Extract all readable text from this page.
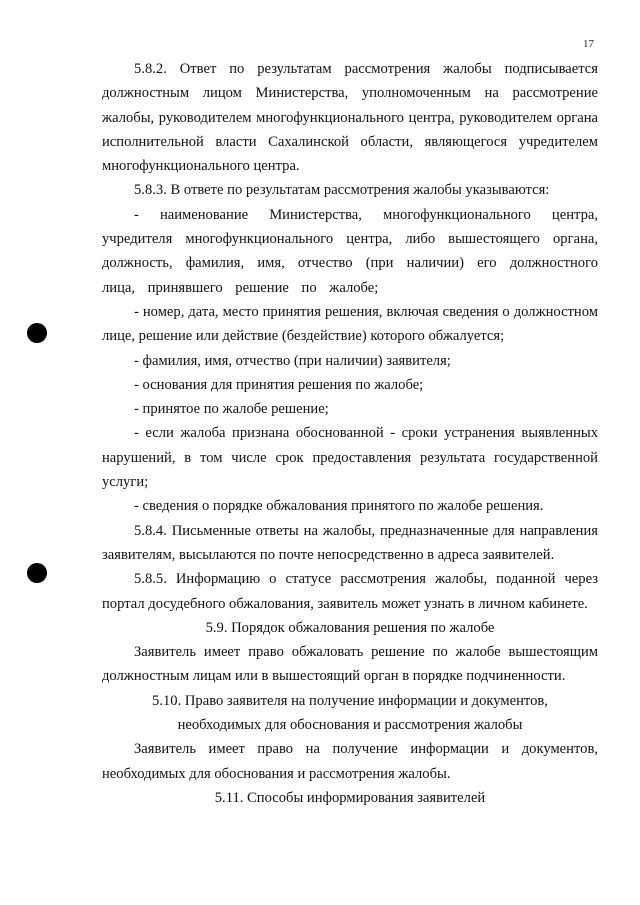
17

5.8.2. Ответ по результатам рассмотрения жалобы подписывается должностным лицом Министерства, уполномоченным на рассмотрение жалобы, руководителем многофункционального центра, руководителем органа исполнительной власти Сахалинской области, являющегося учредителем многофункционального центра.

5.8.3. В ответе по результатам рассмотрения жалобы указываются:

- наименование Министерства, многофункционального центра, учредителя многофункционального центра, либо вышестоящего органа, должность, фамилия, имя, отчество (при наличии) его должностного лица, принявшего решение по жалобе;

- номер, дата, место принятия решения, включая сведения о должностном лице, решение или действие (бездействие) которого обжалуется;

- фамилия, имя, отчество (при наличии) заявителя;

- основания для принятия решения по жалобе;

- принятое по жалобе решение;

- если жалоба признана обоснованной - сроки устранения выявленных нарушений, в том числе срок предоставления результата государственной услуги;

- сведения о порядке обжалования принятого по жалобе решения.

5.8.4. Письменные ответы на жалобы, предназначенные для направления заявителям, высылаются по почте непосредственно в адреса заявителей.

5.8.5. Информацию о статусе рассмотрения жалобы, поданной через портал досудебного обжалования, заявитель может узнать в личном кабинете.

5.9. Порядок обжалования решения по жалобе

Заявитель имеет право обжаловать решение по жалобе вышестоящим должностным лицам или в вышестоящий орган в порядке подчиненности.

5.10. Право заявителя на получение информации и документов,
необходимых для обоснования и рассмотрения жалобы

Заявитель имеет право на получение информации и документов, необходимых для обоснования и рассмотрения жалобы.

5.11. Способы информирования заявителей
